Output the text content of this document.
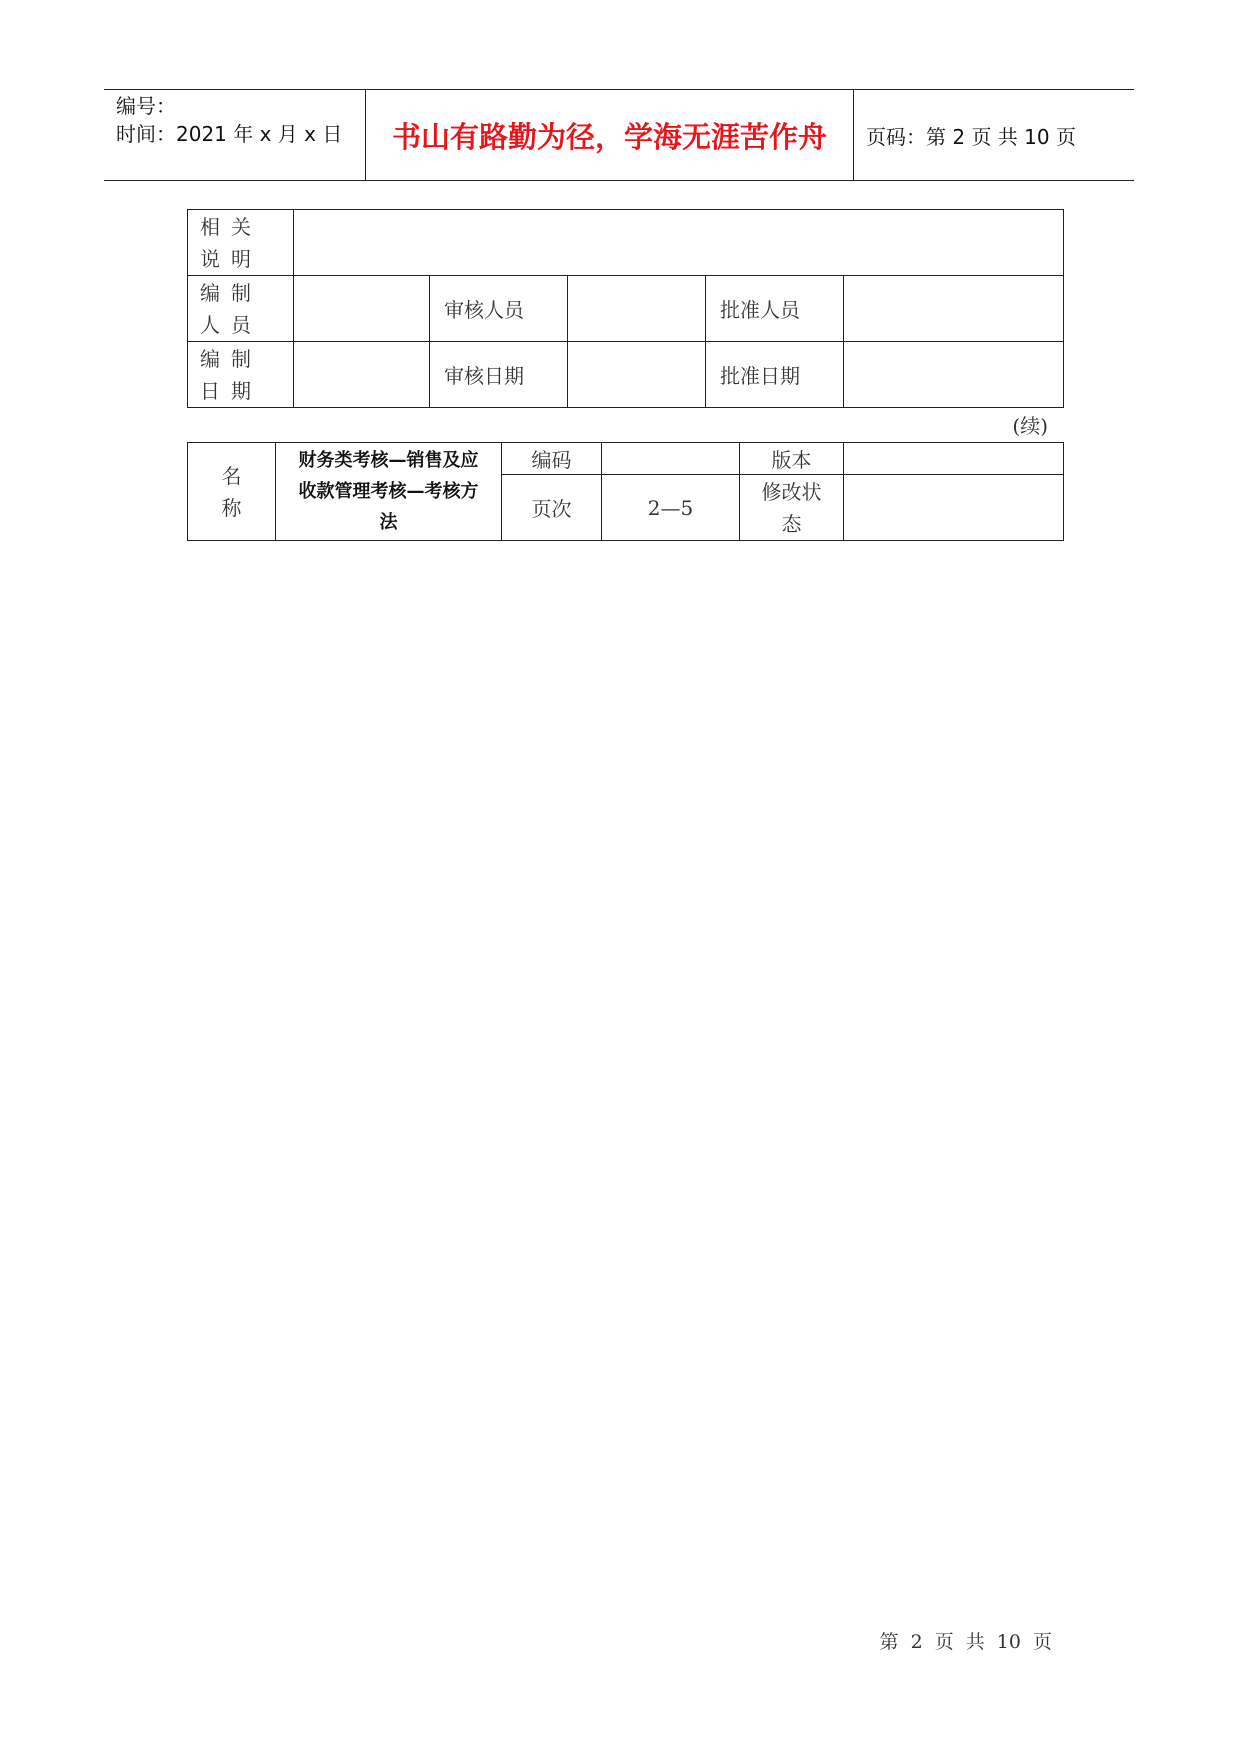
编号：
时间：2021 年 x 月 x 日	书山有路勤为径，学海无涯苦作舟	页码：第 2 页 共 10 页
相关说明					
编制人员		审核人员		批准人员	
编制日期		审核日期		批准日期	
(续)
名称	财务类考核—销售及应收款管理考核—考核方法	编码		版本	
		页次	2—5	修改状态	

第 2 页 共 10 页
